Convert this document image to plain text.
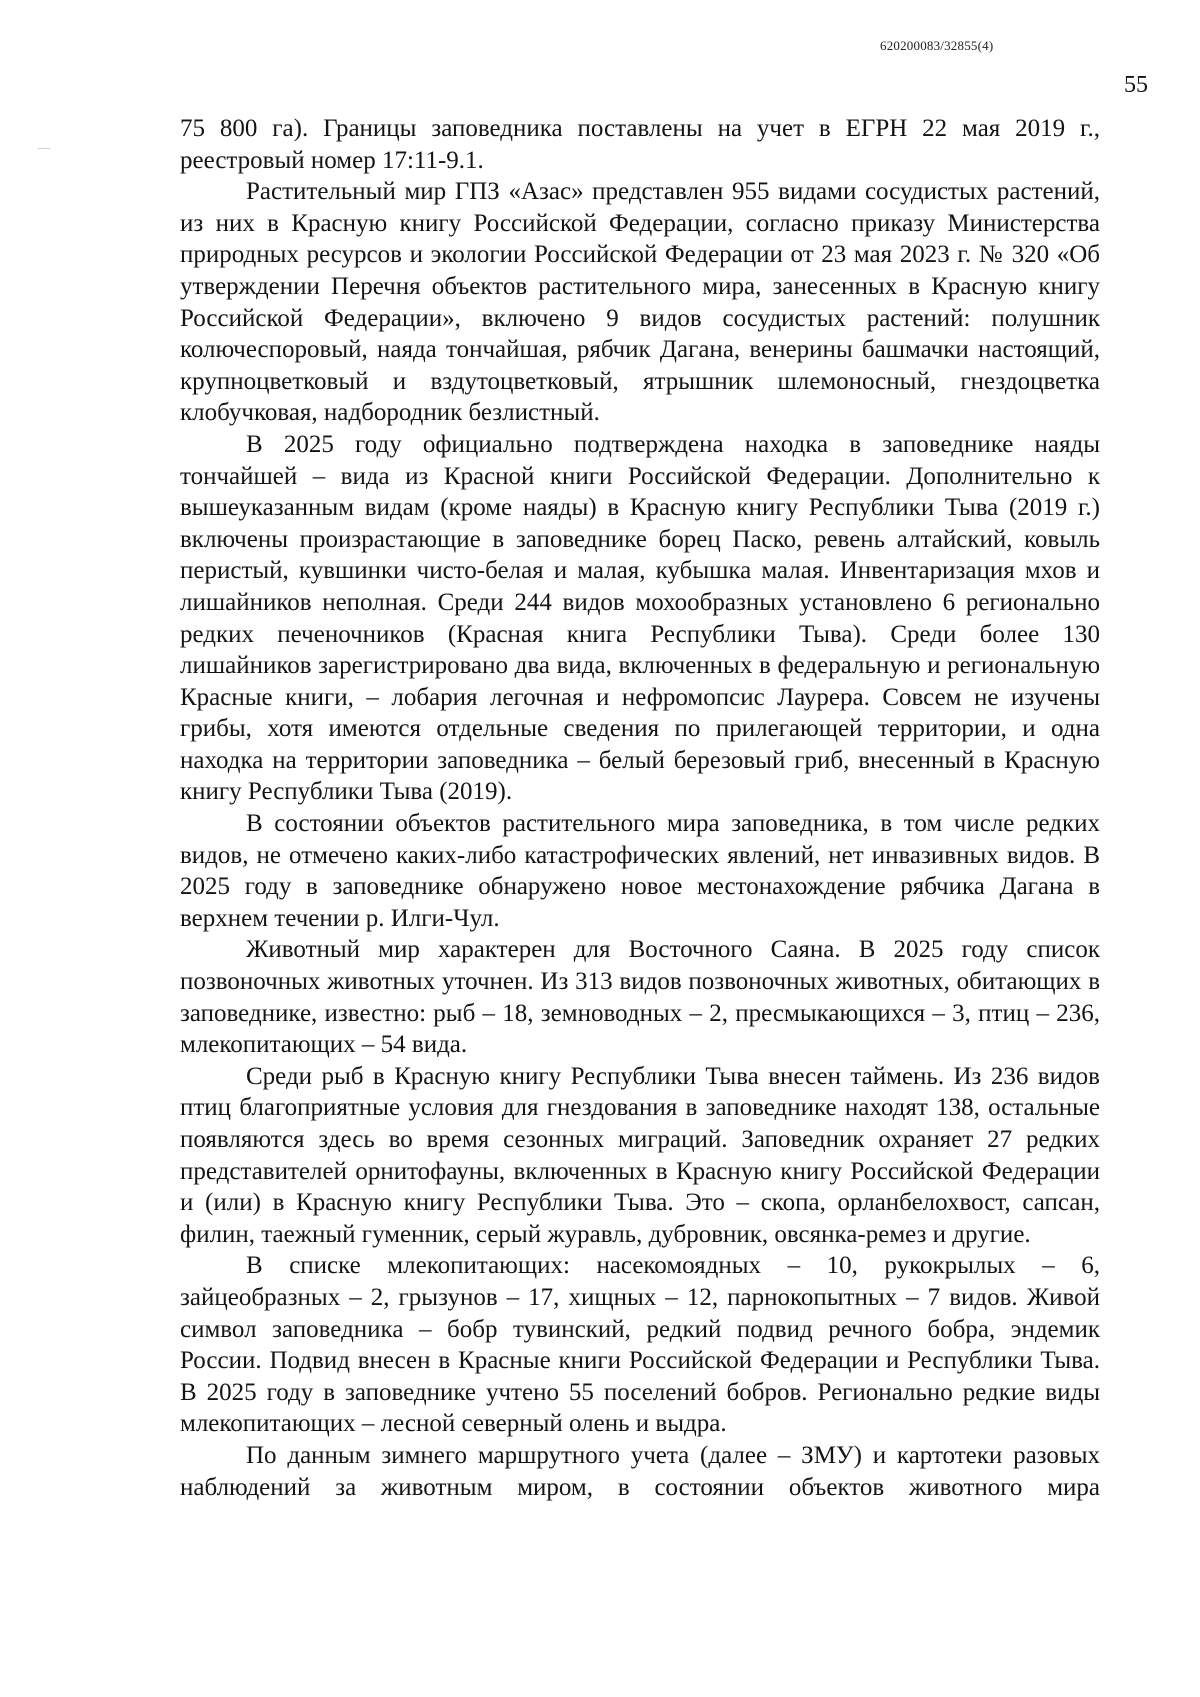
620200083/32855(4)
55

75 800 га). Границы заповедника поставлены на учет в ЕГРН 22 мая 2019 г., реестровый номер 17:11-9.1.

Растительный мир ГПЗ «Азас» представлен 955 видами сосудистых растений, из них в Красную книгу Российской Федерации, согласно приказу Министерства природных ресурсов и экологии Российской Федерации от 23 мая 2023 г. № 320 «Об утверждении Перечня объектов растительного мира, занесенных в Красную книгу Российской Федерации», включено 9 видов сосудистых растений: полушник колючеспоровый, наяда тончайшая, рябчик Дагана, венерины башмачки настоящий, крупноцветковый и вздутоцветковый, ятрышник шлемоносный, гнездоцветка клобучковая, надбородник безлистный.

В 2025 году официально подтверждена находка в заповеднике наяды тончайшей – вида из Красной книги Российской Федерации. Дополнительно к вышеуказанным видам (кроме наяды) в Красную книгу Республики Тыва (2019 г.) включены произрастающие в заповеднике борец Паско, ревень алтайский, ковыль перистый, кувшинки чисто-белая и малая, кубышка малая. Инвентаризация мхов и лишайников неполная. Среди 244 видов мохообразных установлено 6 регионально редких печеночников (Красная книга Республики Тыва). Среди более 130 лишайников зарегистрировано два вида, включенных в федеральную и региональную Красные книги, – лобария легочная и нефромопсис Лаурера. Совсем не изучены грибы, хотя имеются отдельные сведения по прилегающей территории, и одна находка на территории заповедника – белый березовый гриб, внесенный в Красную книгу Республики Тыва (2019).

В состоянии объектов растительного мира заповедника, в том числе редких видов, не отмечено каких-либо катастрофических явлений, нет инвазивных видов. В 2025 году в заповеднике обнаружено новое местонахождение рябчика Дагана в верхнем течении р. Илги-Чул.

Животный мир характерен для Восточного Саяна. В 2025 году список позвоночных животных уточнен. Из 313 видов позвоночных животных, обитающих в заповеднике, известно: рыб – 18, земноводных – 2, пресмыкающихся – 3, птиц – 236, млекопитающих – 54 вида.

Среди рыб в Красную книгу Республики Тыва внесен таймень. Из 236 видов птиц благоприятные условия для гнездования в заповеднике находят 138, остальные появляются здесь во время сезонных миграций. Заповедник охраняет 27 редких представителей орнитофауны, включенных в Красную книгу Российской Федерации и (или) в Красную книгу Республики Тыва. Это – скопа, орланбелохвост, сапсан, филин, таежный гуменник, серый журавль, дубровник, овсянка-ремез и другие.

В списке млекопитающих: насекомоядных – 10, рукокрылых – 6, зайцеобразных – 2, грызунов – 17, хищных – 12, парнокопытных – 7 видов. Живой символ заповедника – бобр тувинский, редкий подвид речного бобра, эндемик России. Подвид внесен в Красные книги Российской Федерации и Республики Тыва. В 2025 году в заповеднике учтено 55 поселений бобров. Регионально редкие виды млекопитающих – лесной северный олень и выдра.

По данным зимнего маршрутного учета (далее – ЗМУ) и картотеки разовых наблюдений за животным миром, в состоянии объектов животного мира
